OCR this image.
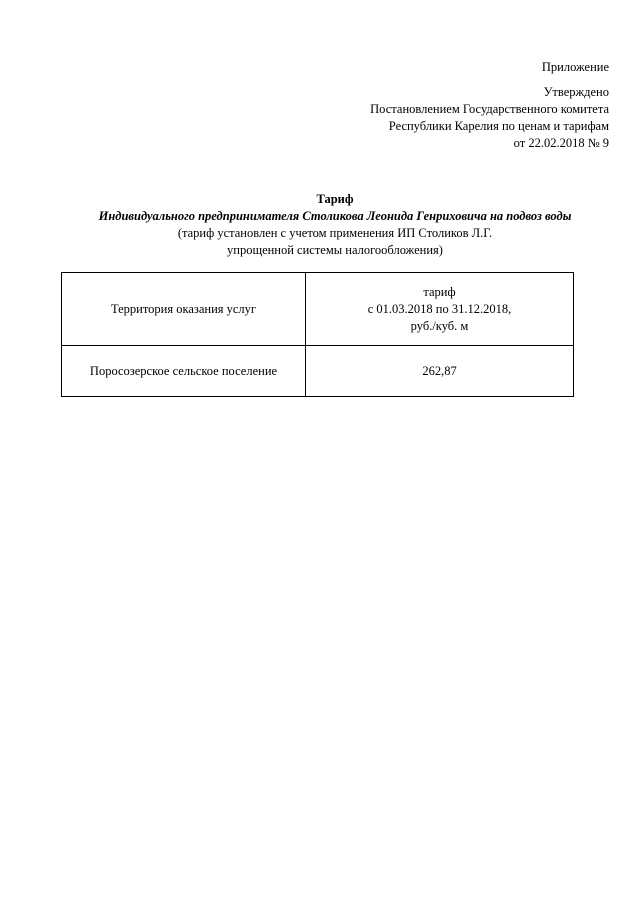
Приложение
Утверждено
Постановлением Государственного комитета
Республики Карелия по ценам и тарифам
от 22.02.2018 № 9
Тариф
Индивидуального предпринимателя Столикова Леонида Генриховича на подвоз воды
(тариф установлен с учетом применения ИП Столиков Л.Г.
упрощенной системы налогообложения)
Территория оказания услуг	тариф
с 01.03.2018 по 31.12.2018,
руб./куб. м

Поросозерское сельское поселение	262,87
